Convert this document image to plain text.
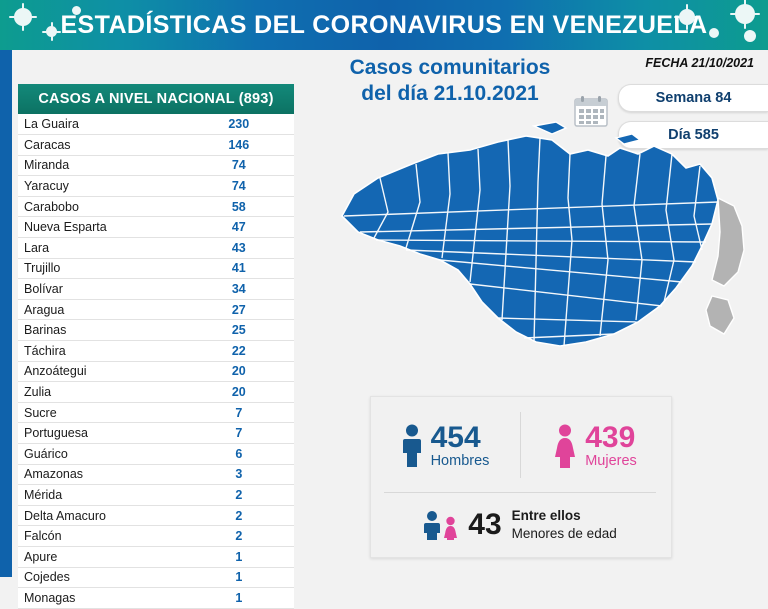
ESTADÍSTICAS DEL CORONAVIRUS EN VENEZUELA
FECHA 21/10/2021
Semana 84
Día 585
Casos comunitarios
del día 21.10.2021
CASOS A NIVEL NACIONAL (893)
La Guaira	230
Caracas	146
Miranda	74
Yaracuy	74
Carabobo	58
Nueva Esparta	47
Lara	43
Trujillo	41
Bolívar	34
Aragua	27
Barinas	25
Táchira	22
Anzoátegui	20
Zulia	20
Sucre	7
Portuguesa	7
Guárico	6
Amazonas	3
Mérida	2
Delta Amacuro	2
Falcón	2
Apure	1
Cojedes	1
Monagas	1
454
Hombres
439
Mujeres
43 Entre ellos
Menores de edad
